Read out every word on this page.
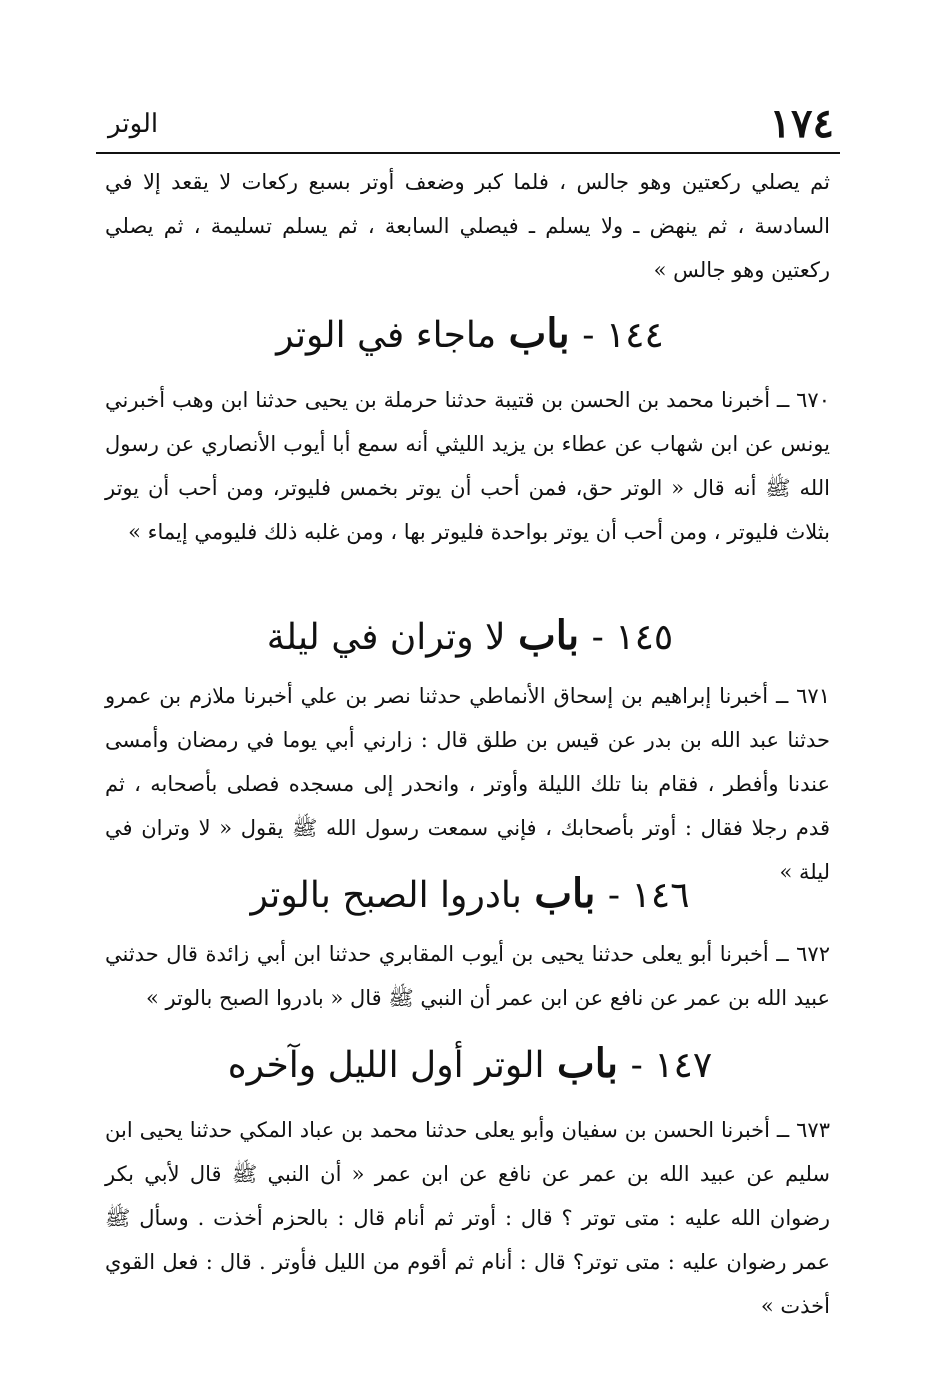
١٧٤
الوتر

ثم يصلي ركعتين وهو جالس ، فلما كبر وضعف أوتر بسبع ركعات لا يقعد إلا في السادسة ، ثم ينهض ـ ولا يسلم ـ فيصلي السابعة ، ثم يسلم تسليمة ، ثم يصلي ركعتين وهو جالس »

١٤٤ - باب ماجاء في الوتر

٦٧٠ ــ أخبرنا محمد بن الحسن بن قتيبة حدثنا حرملة بن يحيى حدثنا ابن وهب أخبرني يونس عن ابن شهاب عن عطاء بن يزيد الليثي أنه سمع أبا أيوب الأنصاري عن رسول الله ﷺ أنه قال « الوتر حق، فمن أحب أن يوتر بخمس فليوتر، ومن أحب أن يوتر بثلاث فليوتر ، ومن أحب أن يوتر بواحدة فليوتر بها ، ومن غلبه ذلك فليومي إيماء »

١٤٥ - باب لا وتران في ليلة

٦٧١ ــ أخبرنا إبراهيم بن إسحاق الأنماطي حدثنا نصر بن علي أخبرنا ملازم بن عمرو حدثنا عبد الله بن بدر عن قيس بن طلق قال : زارني أبي يوما في رمضان وأمسى عندنا وأفطر ، فقام بنا تلك الليلة وأوتر ، وانحدر إلى مسجده فصلى بأصحابه ، ثم قدم رجلا فقال : أوتر بأصحابك ، فإني سمعت رسول الله ﷺ يقول « لا وتران في ليلة »

١٤٦ - باب بادروا الصبح بالوتر

٦٧٢ ــ أخبرنا أبو يعلى حدثنا يحيى بن أيوب المقابري حدثنا ابن أبي زائدة قال حدثني عبيد الله بن عمر عن نافع عن ابن عمر أن النبي ﷺ قال « بادروا الصبح بالوتر »

١٤٧ - باب الوتر أول الليل وآخره

٦٧٣ ــ أخبرنا الحسن بن سفيان وأبو يعلى حدثنا محمد بن عباد المكي حدثنا يحيى ابن سليم عن عبيد الله بن عمر عن نافع عن ابن عمر « أن النبي ﷺ قال لأبي بكر رضوان الله عليه : متى توتر ؟ قال : أوتر ثم أنام قال : بالحزم أخذت . وسأل ﷺ عمر رضوان عليه : متى توتر؟ قال : أنام ثم أقوم من الليل فأوتر . قال : فعل القوي أخذت »
